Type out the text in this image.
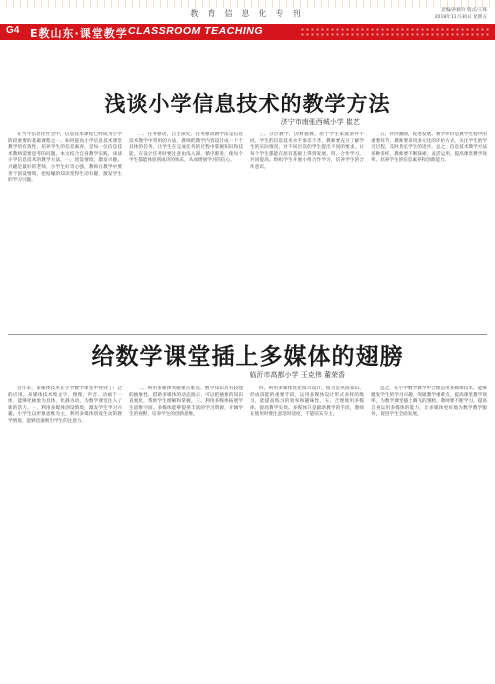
教育信息化专刊	责编/孙鹤玲 版式/王珠
2018年11月30日 星期五
G4 E教山东·课堂教学 CLASSROOM TEACHING
浅谈小学信息技术的教学方法
济宁市南张西城小学 崔艺

在当今信息化社会中，信息技术课程已经成为小学阶段重要的基础课程之一。如何提高小学信息技术课堂教学的有效性，培养学生的信息素养，是每一位信息技术教师需要思考的问题。本文结合自身教学实践，谈谈小学信息技术的教学方法。一、创设情境，激发兴趣。兴趣是最好的老师，小学生好奇心强，教师在教学中要善于创设情境，把枯燥的知识变得生动有趣，激发学生的学习兴趣。

二、任务驱动，自主探究。任务驱动教学法是信息技术教学中常用的方法，教师把教学内容设计成一个个具体的任务，让学生在完成任务的过程中掌握知识和技能。在设计任务时要注意由浅入深，循序渐进，使每个学生都能体验到成功的快乐，从而增强学习的信心。

三、分层教学，因材施教。由于学生家庭条件不同，学生的信息技术水平参差不齐，教师要充分了解学生的实际情况，对不同层次的学生提出不同的要求，让每个学生都能在原有基础上得到发展。四、合作学习，共同提高。组织学生开展小组合作学习，培养学生的合作意识。

五、评价激励，促进发展。教学评价是教学过程中的重要环节，教师要采用多元化的评价方式，关注学生的学习过程，及时肯定学生的进步。总之，信息技术教学方法多种多样，教师要不断探索，灵活运用，提高课堂教学效率，培养学生的信息素养和创新能力。

给数学课堂插上多媒体的翅膀
临沂市高都小学 王克伟 董荣香

近年来，多媒体技术在小学数学课堂中得到了广泛的应用。多媒体技术集文字、图像、声音、动画于一体，能够化抽象为具体，化静为动，为数学课堂注入了新的活力。一、利用多媒体创设情境，激发学生学习兴趣。小学生以形象思维为主，利用多媒体创设生动的教学情境，能够迅速吸引学生的注意力。

二、利用多媒体突破重点难点。数学知识具有较强的抽象性，借助多媒体的动态演示，可以把抽象的知识直观化，帮助学生理解和掌握。三、利用多媒体拓展学生思维空间。多媒体能够提供丰富的学习资源，开阔学生的视野，培养学生的创新思维。

四、利用多媒体优化练习设计。练习是巩固知识、形成技能的重要手段，运用多媒体设计形式多样的练习，能提高练习的效率和趣味性。五、合理使用多媒体，提高教学实效。多媒体只是辅助教学的手段，教师在使用时要注意适时适度，不能喧宾夺主。

总之，在小学数学教学中合理运用多媒体技术，能够激发学生的学习兴趣，突破教学重难点，提高课堂教学效率，为数学课堂插上腾飞的翅膀。教师要不断学习，提高自身运用多媒体的能力，让多媒体更好地为数学教学服务，促进学生全面发展。
